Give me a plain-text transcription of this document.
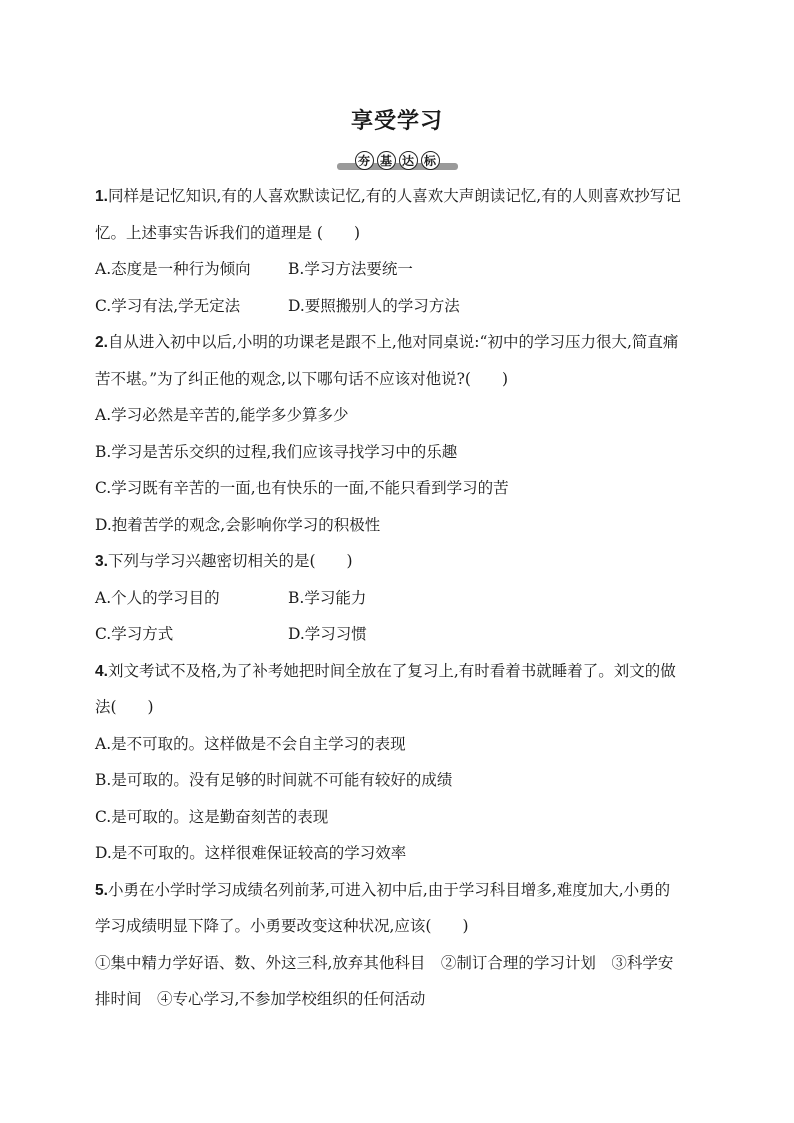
享受学习
夯 基 达 标
1.同样是记忆知识,有的人喜欢默读记忆,有的人喜欢大声朗读记忆,有的人则喜欢抄写记
忆。上述事实告诉我们的道理是 (　　)
A.态度是一种行为倾向	B.学习方法要统一
C.学习有法,学无定法	D.要照搬别人的学习方法
2.自从进入初中以后,小明的功课老是跟不上,他对同桌说:“初中的学习压力很大,简直痛
苦不堪。”为了纠正他的观念,以下哪句话不应该对他说?(　　)
A.学习必然是辛苦的,能学多少算多少
B.学习是苦乐交织的过程,我们应该寻找学习中的乐趣
C.学习既有辛苦的一面,也有快乐的一面,不能只看到学习的苦
D.抱着苦学的观念,会影响你学习的积极性
3.下列与学习兴趣密切相关的是(　　)
A.个人的学习目的	B.学习能力
C.学习方式	D.学习习惯
4.刘文考试不及格,为了补考她把时间全放在了复习上,有时看着书就睡着了。刘文的做
法(　　)
A.是不可取的。这样做是不会自主学习的表现
B.是可取的。没有足够的时间就不可能有较好的成绩
C.是可取的。这是勤奋刻苦的表现
D.是不可取的。这样很难保证较高的学习效率
5.小勇在小学时学习成绩名列前茅,可进入初中后,由于学习科目增多,难度加大,小勇的
学习成绩明显下降了。小勇要改变这种状况,应该(　　)
①集中精力学好语、数、外这三科,放弃其他科目　②制订合理的学习计划　③科学安
排时间　④专心学习,不参加学校组织的任何活动
